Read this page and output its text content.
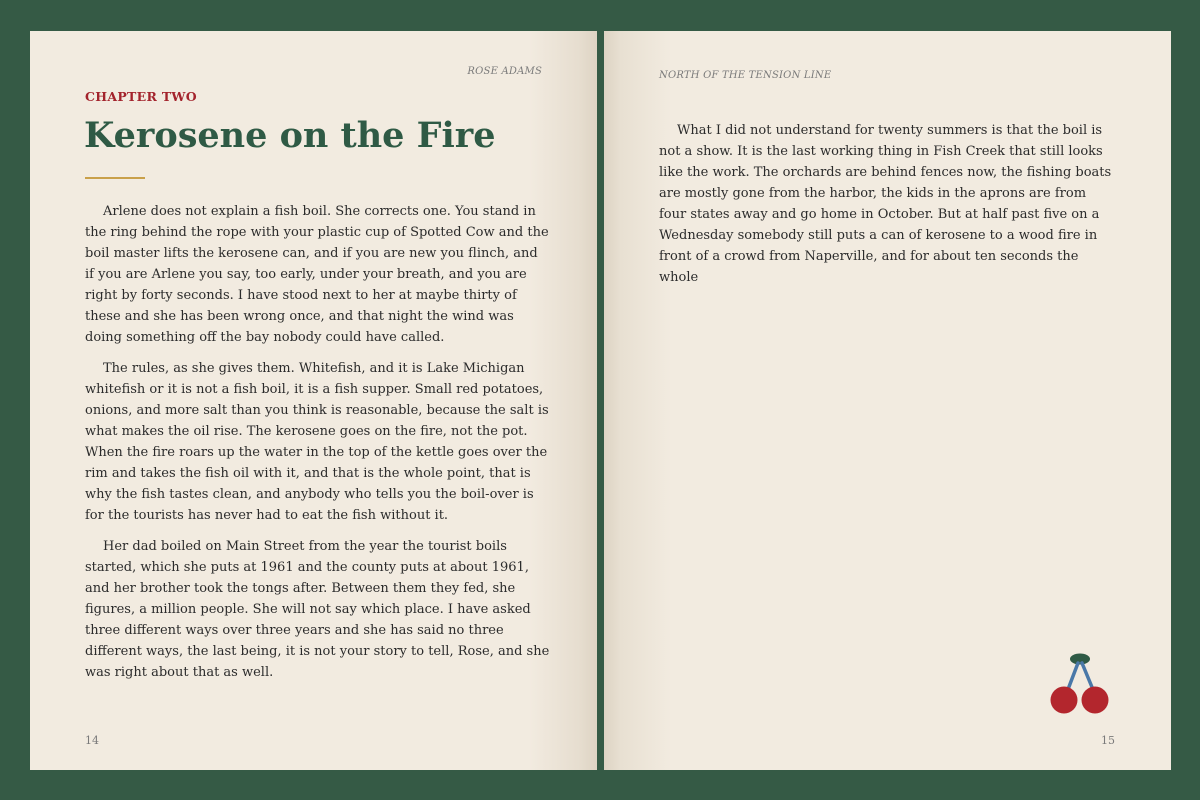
ROSE ADAMS
CHAPTER TWO
Kerosene on the Fire

Arlene does not explain a fish boil. She corrects one. You stand in the ring behind the rope with your plastic cup of Spotted Cow and the boil master lifts the kerosene can, and if you are new you flinch, and if you are Arlene you say, too early, under your breath, and you are right by forty seconds. I have stood next to her at maybe thirty of these and she has been wrong once, and that night the wind was doing something off the bay nobody could have called.

The rules, as she gives them. Whitefish, and it is Lake Michigan whitefish or it is not a fish boil, it is a fish supper. Small red potatoes, onions, and more salt than you think is reasonable, because the salt is what makes the oil rise. The kerosene goes on the fire, not the pot. When the fire roars up the water in the top of the kettle goes over the rim and takes the fish oil with it, and that is the whole point, that is why the fish tastes clean, and anybody who tells you the boil-over is for the tourists has never had to eat the fish without it.

Her dad boiled on Main Street from the year the tourist boils started, which she puts at 1961 and the county puts at about 1961, and her brother took the tongs after. Between them they fed, she figures, a million people. She will not say which place. I have asked three different ways over three years and she has said no three different ways, the last being, it is not your story to tell, Rose, and she was right about that as well.

14
NORTH OF THE TENSION LINE

What I did not understand for twenty summers is that the boil is not a show. It is the last working thing in Fish Creek that still looks like the work. The orchards are behind fences now, the fishing boats are mostly gone from the harbor, the kids in the aprons are from four states away and go home in October. But at half past five on a Wednesday somebody still puts a can of kerosene to a wood fire in front of a crowd from Naperville, and for about ten seconds the whole

15
